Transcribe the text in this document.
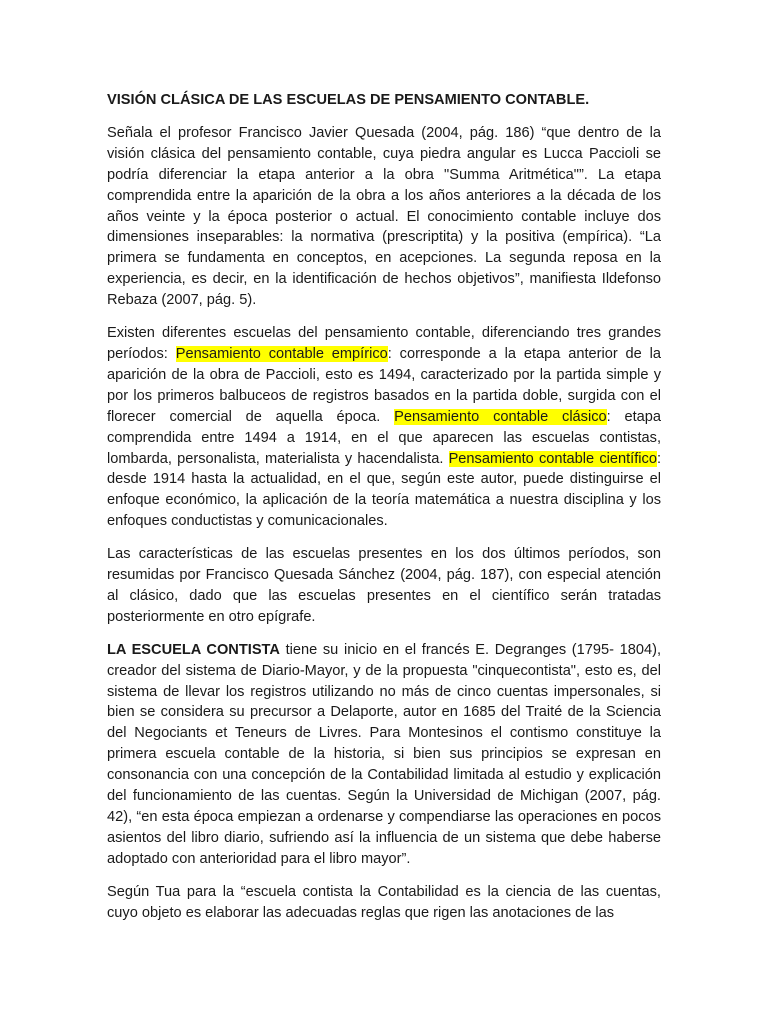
VISIÓN CLÁSICA DE LAS ESCUELAS DE PENSAMIENTO CONTABLE.

Señala el profesor Francisco Javier Quesada (2004, pág. 186) “que dentro de la visión clásica del pensamiento contable, cuya piedra angular es Lucca Paccioli se podría diferenciar la etapa anterior a la obra "Summa Aritmética"”. La etapa comprendida entre la aparición de la obra a los años anteriores a la década de los años veinte y la época posterior o actual. El conocimiento contable incluye dos dimensiones inseparables: la normativa (prescriptita) y la positiva (empírica). “La primera se fundamenta en conceptos, en acepciones. La segunda reposa en la experiencia, es decir, en la identificación de hechos objetivos”, manifiesta Ildefonso Rebaza (2007, pág. 5).

Existen diferentes escuelas del pensamiento contable, diferenciando tres grandes períodos: Pensamiento contable empírico: corresponde a la etapa anterior de la aparición de la obra de Paccioli, esto es 1494, caracterizado por la partida simple y por los primeros balbuceos de registros basados en la partida doble, surgida con el florecer comercial de aquella época. Pensamiento contable clásico: etapa comprendida entre 1494 a 1914, en el que aparecen las escuelas contistas, lombarda, personalista, materialista y hacendalista. Pensamiento contable científico: desde 1914 hasta la actualidad, en el que, según este autor, puede distinguirse el enfoque económico, la aplicación de la teoría matemática a nuestra disciplina y los enfoques conductistas y comunicacionales.

Las características de las escuelas presentes en los dos últimos períodos, son resumidas por Francisco Quesada Sánchez (2004, pág. 187), con especial atención al clásico, dado que las escuelas presentes en el científico serán tratadas posteriormente en otro epígrafe.

LA ESCUELA CONTISTA tiene su inicio en el francés E. Degranges (1795- 1804), creador del sistema de Diario-Mayor, y de la propuesta "cinquecontista", esto es, del sistema de llevar los registros utilizando no más de cinco cuentas impersonales, si bien se considera su precursor a Delaporte, autor en 1685 del Traité de la Sciencia del Negociants et Teneurs de Livres. Para Montesinos el contismo constituye la primera escuela contable de la historia, si bien sus principios se expresan en consonancia con una concepción de la Contabilidad limitada al estudio y explicación del funcionamiento de las cuentas. Según la Universidad de Michigan (2007, pág. 42), “en esta época empiezan a ordenarse y compendiarse las operaciones en pocos asientos del libro diario, sufriendo así la influencia de un sistema que debe haberse adoptado con anterioridad para el libro mayor”.

Según Tua para la “escuela contista la Contabilidad es la ciencia de las cuentas, cuyo objeto es elaborar las adecuadas reglas que rigen las anotaciones de las
